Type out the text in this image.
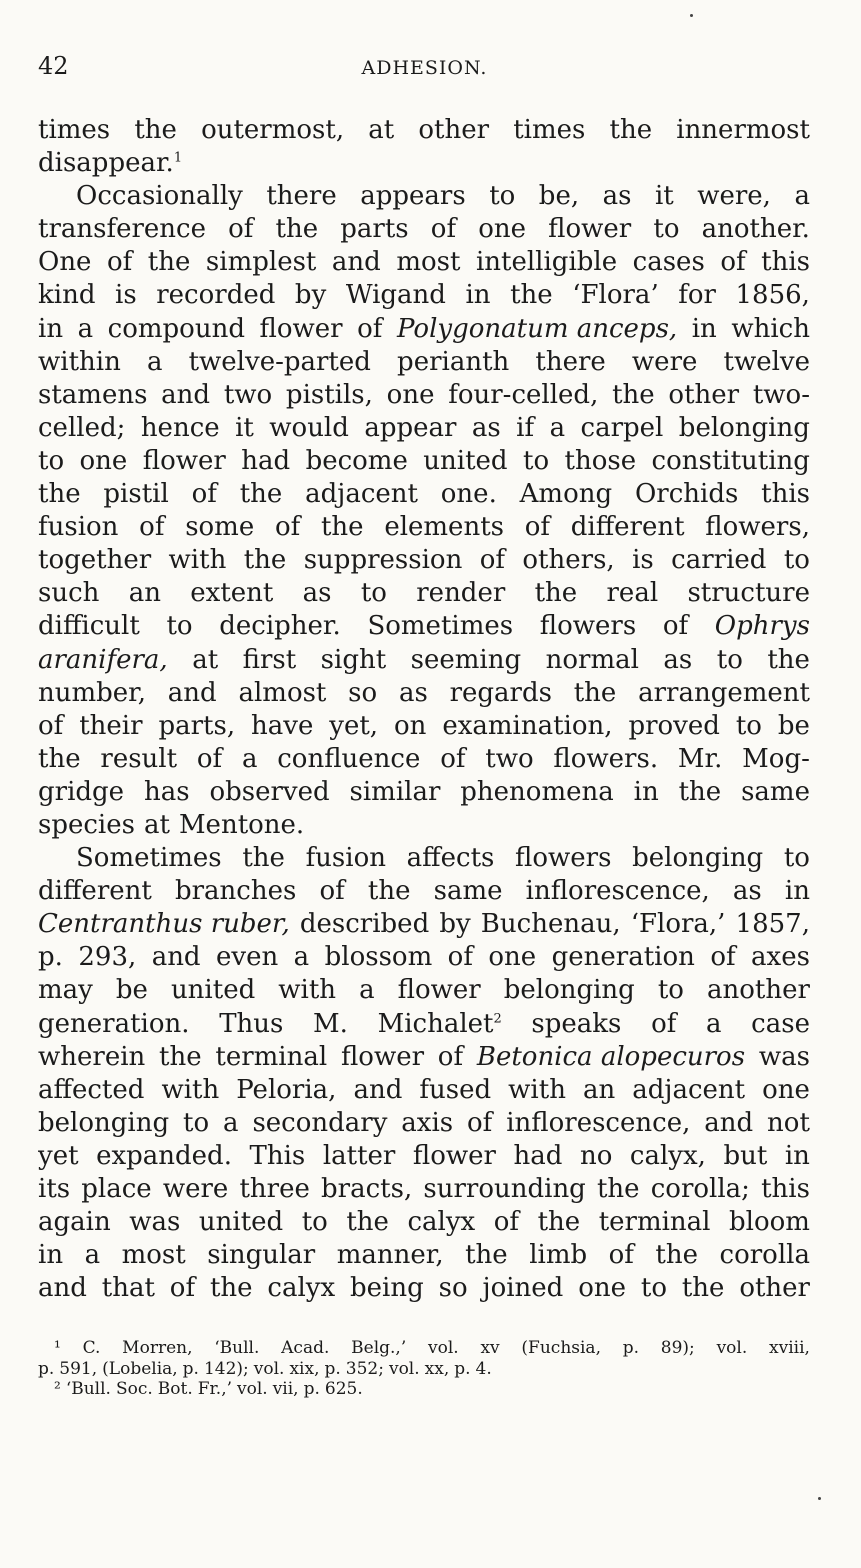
42	ADHESION.
times the outermost, at other times the innermost
disappear.$^1$
Occasionally there appears to be, as it were, a
transference of the parts of one flower to another.
One of the simplest and most intelligible cases of this
kind is recorded by Wigand in the ‘Flora’ for 1856,
in a compound flower of Polygonatum anceps, in which
within a twelve-parted perianth there were twelve
stamens and two pistils, one four-celled, the other two-
celled; hence it would appear as if a carpel belonging
to one flower had become united to those constituting
the pistil of the adjacent one. Among Orchids this
fusion of some of the elements of different flowers,
together with the suppression of others, is carried to
such an extent as to render the real structure
difficult to decipher. Sometimes flowers of Ophrys
aranifera, at first sight seeming normal as to the
number, and almost so as regards the arrangement
of their parts, have yet, on examination, proved to be
the result of a confluence of two flowers. Mr. Mog-
gridge has observed similar phenomena in the same
species at Mentone.
Sometimes the fusion affects flowers belonging to
different branches of the same inflorescence, as in
Centranthus ruber, described by Buchenau, ‘Flora,’ 1857,
p. 293, and even a blossom of one generation of axes
may be united with a flower belonging to another
generation. Thus M. Michalet$^2$ speaks of a case
wherein the terminal flower of Betonica alopecuros was
affected with Peloria, and fused with an adjacent one
belonging to a secondary axis of inflorescence, and not
yet expanded. This latter flower had no calyx, but in
its place were three bracts, surrounding the corolla; this
again was united to the calyx of the terminal bloom
in a most singular manner, the limb of the corolla
and that of the calyx being so joined one to the other
¹ C. Morren, ‘Bull. Acad. Belg.,’ vol. xv (Fuchsia, p. 89); vol. xviii,
p. 591, (Lobelia, p. 142); vol. xix, p. 352; vol. xx, p. 4.
² ‘Bull. Soc. Bot. Fr.,’ vol. vii, p. 625.
